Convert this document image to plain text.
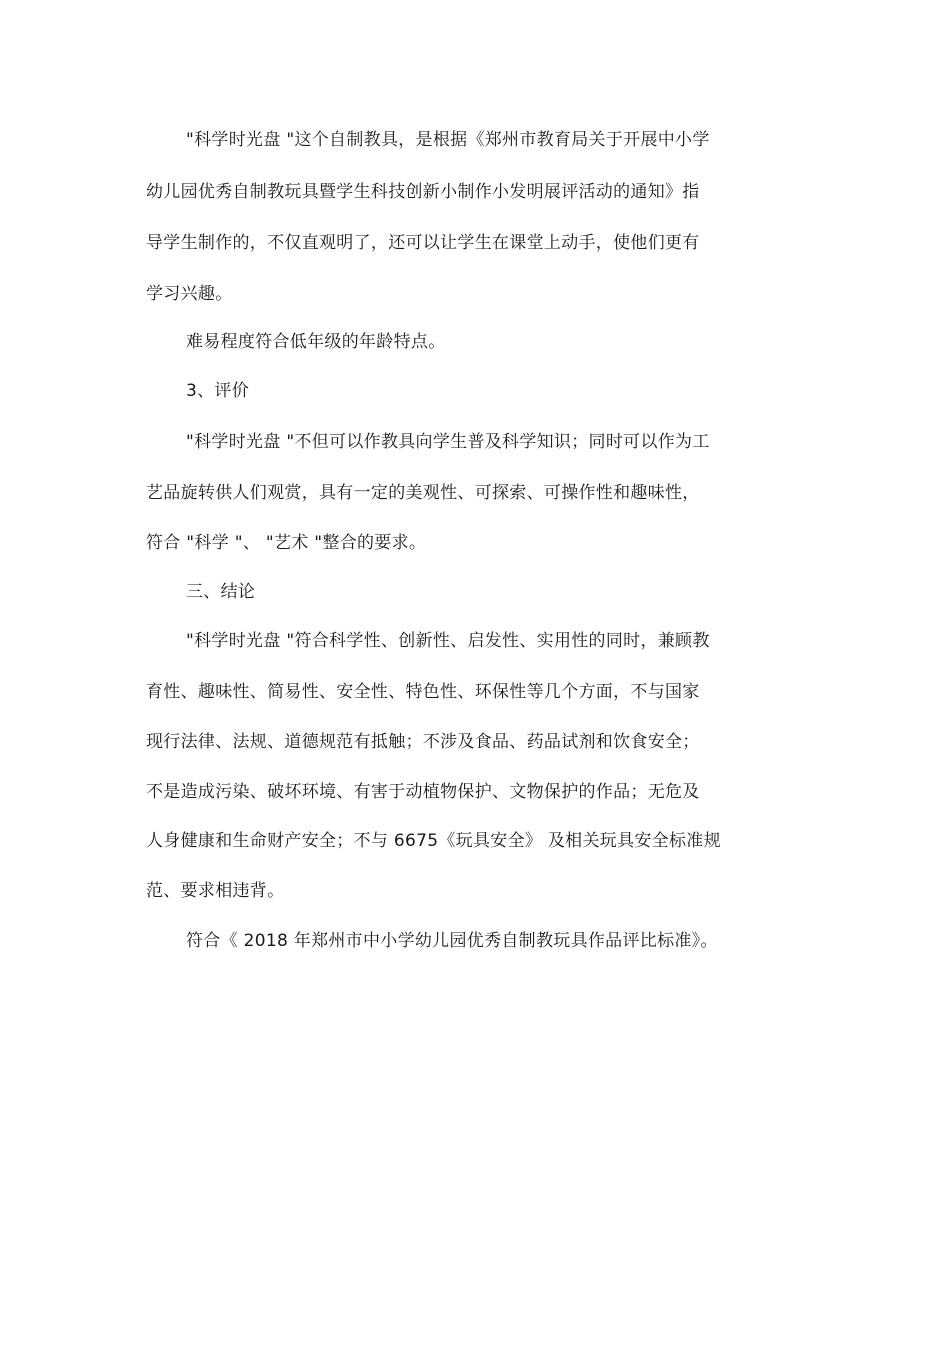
"科学时光盘 "这个自制教具，是根据《郑州市教育局关于开展中小学
幼儿园优秀自制教玩具暨学生科技创新小制作小发明展评活动的通知》指
导学生制作的，不仅直观明了，还可以让学生在课堂上动手，使他们更有
学习兴趣。
难易程度符合低年级的年龄特点。
3、评价
"科学时光盘 "不但可以作教具向学生普及科学知识；同时可以作为工
艺品旋转供人们观赏，具有一定的美观性、可探索、可操作性和趣味性，
符合 "科学 "、 "艺术 "整合的要求。
三、结论
"科学时光盘 "符合科学性、创新性、启发性、实用性的同时，兼顾教
育性、趣味性、简易性、安全性、特色性、环保性等几个方面，不与国家
现行法律、法规、道德规范有抵触；不涉及食品、药品试剂和饮食安全；
不是造成污染、破坏环境、有害于动植物保护、文物保护的作品；无危及
人身健康和生命财产安全；不与 6675《玩具安全》 及相关玩具安全标准规
范、要求相违背。
符合《 2018 年郑州市中小学幼儿园优秀自制教玩具作品评比标准》。
